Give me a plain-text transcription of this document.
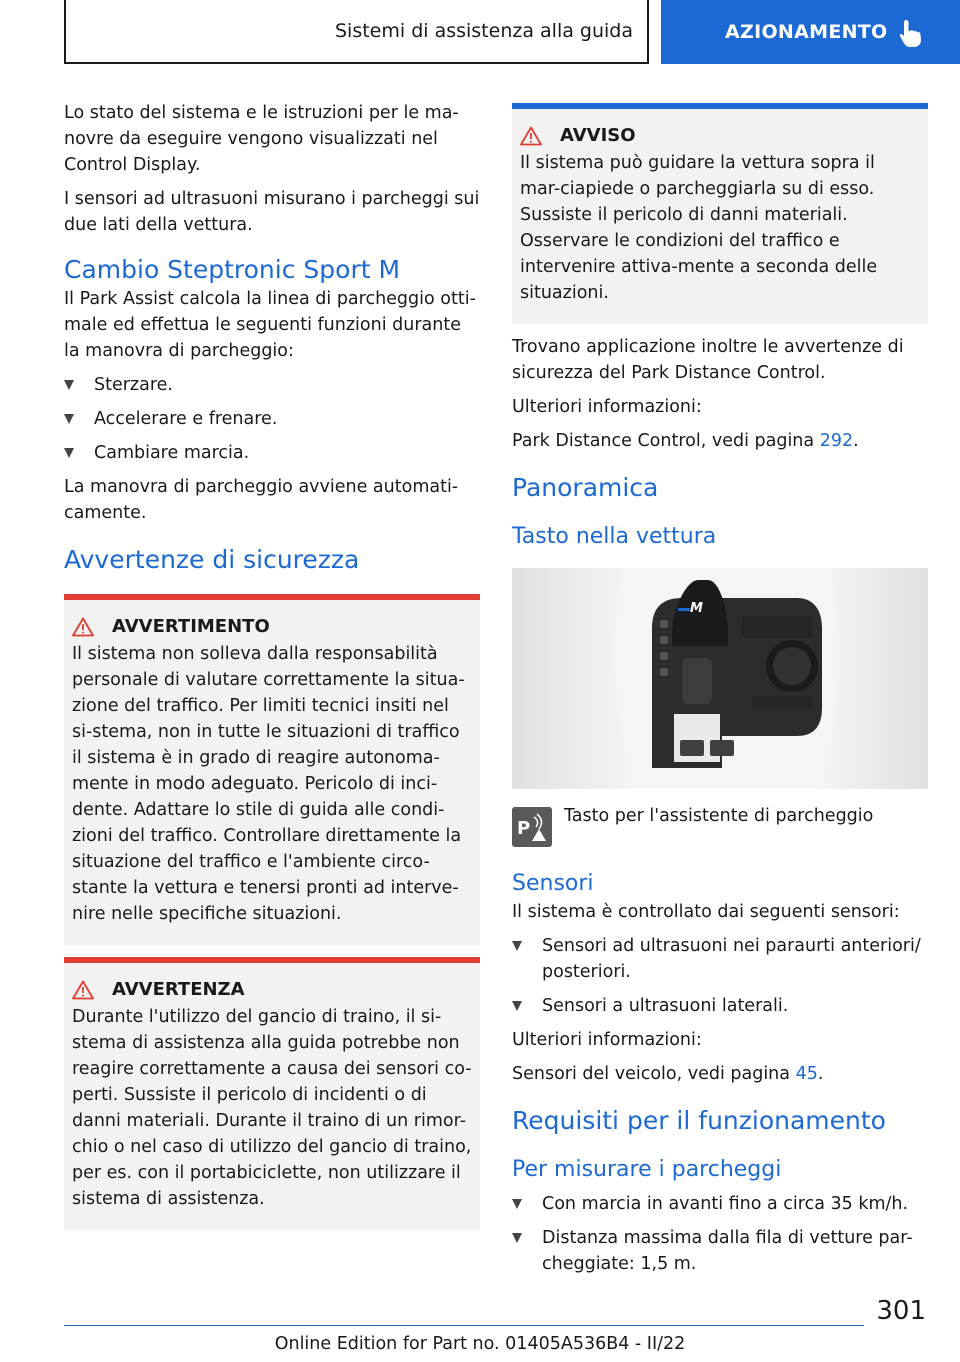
Sistemi di assistenza alla guida	AZIONAMENTO

Lo stato del sistema e le istruzioni per le ma-novre da eseguire vengono visualizzati nel Control Display.

I sensori ad ultrasuoni misurano i parcheggi sui due lati della vettura.

Cambio Steptronic Sport M

Il Park Assist calcola la linea di parcheggio otti-male ed effettua le seguenti funzioni durante la manovra di parcheggio:

Sterzare.
Accelerare e frenare.
Cambiare marcia.

La manovra di parcheggio avviene automati-camente.

Avvertenze di sicurezza
AVVERTIMENTO

Il sistema non solleva dalla responsabilità personale di valutare correttamente la situa-zione del traffico. Per limiti tecnici insiti nel si-stema, non in tutte le situazioni di traffico il sistema è in grado di reagire autonoma-mente in modo adeguato. Pericolo di inci-dente. Adattare lo stile di guida alle condi-zioni del traffico. Controllare direttamente la situazione del traffico e l'ambiente circo-stante la vettura e tenersi pronti ad interve-nire nelle specifiche situazioni.

AVVERTENZA

Durante l'utilizzo del gancio di traino, il si-stema di assistenza alla guida potrebbe non reagire correttamente a causa dei sensori co-perti. Sussiste il pericolo di incidenti o di danni materiali. Durante il traino di un rimor-chio o nel caso di utilizzo del gancio di traino, per es. con il portabiciclette, non utilizzare il sistema di assistenza.

AVVISO

Il sistema può guidare la vettura sopra il mar-ciapiede o parcheggiarla su di esso. Sussiste il pericolo di danni materiali. Osservare le condizioni del traffico e intervenire attiva-mente a seconda delle situazioni.

Trovano applicazione inoltre le avvertenze di sicurezza del Park Distance Control.

Ulteriori informazioni:

Park Distance Control, vedi pagina 292.

Panoramica
Tasto nella vettura
M
P

Tasto per l'assistente di parcheggio

Sensori

Il sistema è controllato dai seguenti sensori:

Sensori ad ultrasuoni nei paraurti anteriori/ posteriori.
Sensori a ultrasuoni laterali.

Ulteriori informazioni:

Sensori del veicolo, vedi pagina 45.

Requisiti per il funzionamento
Per misurare i parcheggi
Con marcia in avanti fino a circa 35 km/h.
Distanza massima dalla fila di vetture par-cheggiate: 1,5 m.
301
Online Edition for Part no. 01405A536B4 - II/22
